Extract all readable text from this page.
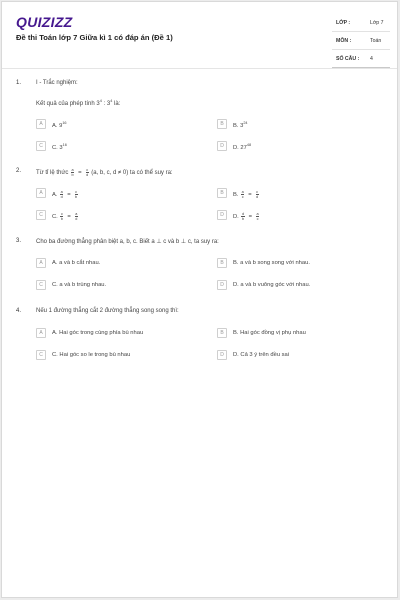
QUIZIZZ
Đề thi Toán lớp 7 Giữa kì 1 có đáp án (Đề 1)
LỚP :	Lớp 7
MÔN :	Toán
SỐ CÂU : 4
1. I - Trắc nghiệm:
Kết quả của phép tính $3^4$ : $3^4$ là:
A	A. $9^{16}$	B	B. $3^{24}$
C	C. $3^{16}$	D	D. $27^{48}$
2. Từ tỉ lệ thức $\frac{a}{b} = \frac{c}{d} (a$, b, c, d ≠ 0) ta có thể suy ra:
A	A. $\frac{a}{d} = \frac{c}{b}$	B	B. $\frac{a}{c} = \frac{c}{d}$
C	C. $\frac{c}{b} = \frac{a}{d}$	D	D. $\frac{d}{b} = \frac{a}{c}$
3. Cho ba đường thẳng phân biệt a, b, c. Biết a ⊥ c và b ⊥ c, ta suy ra:
A	A. a và b cắt nhau.	B	B. a và b song song với nhau.
C	C. a và b trùng nhau.	D	D. a và b vuông góc với nhau.
4. Nếu 1 đường thẳng cắt 2 đường thẳng song song thì:
A	A. Hai góc trong cùng phía bù nhau	B	B. Hai góc đồng vị phụ nhau
C	C. Hai góc so le trong bù nhau	D	D. Cả 3 ý trên đều sai
